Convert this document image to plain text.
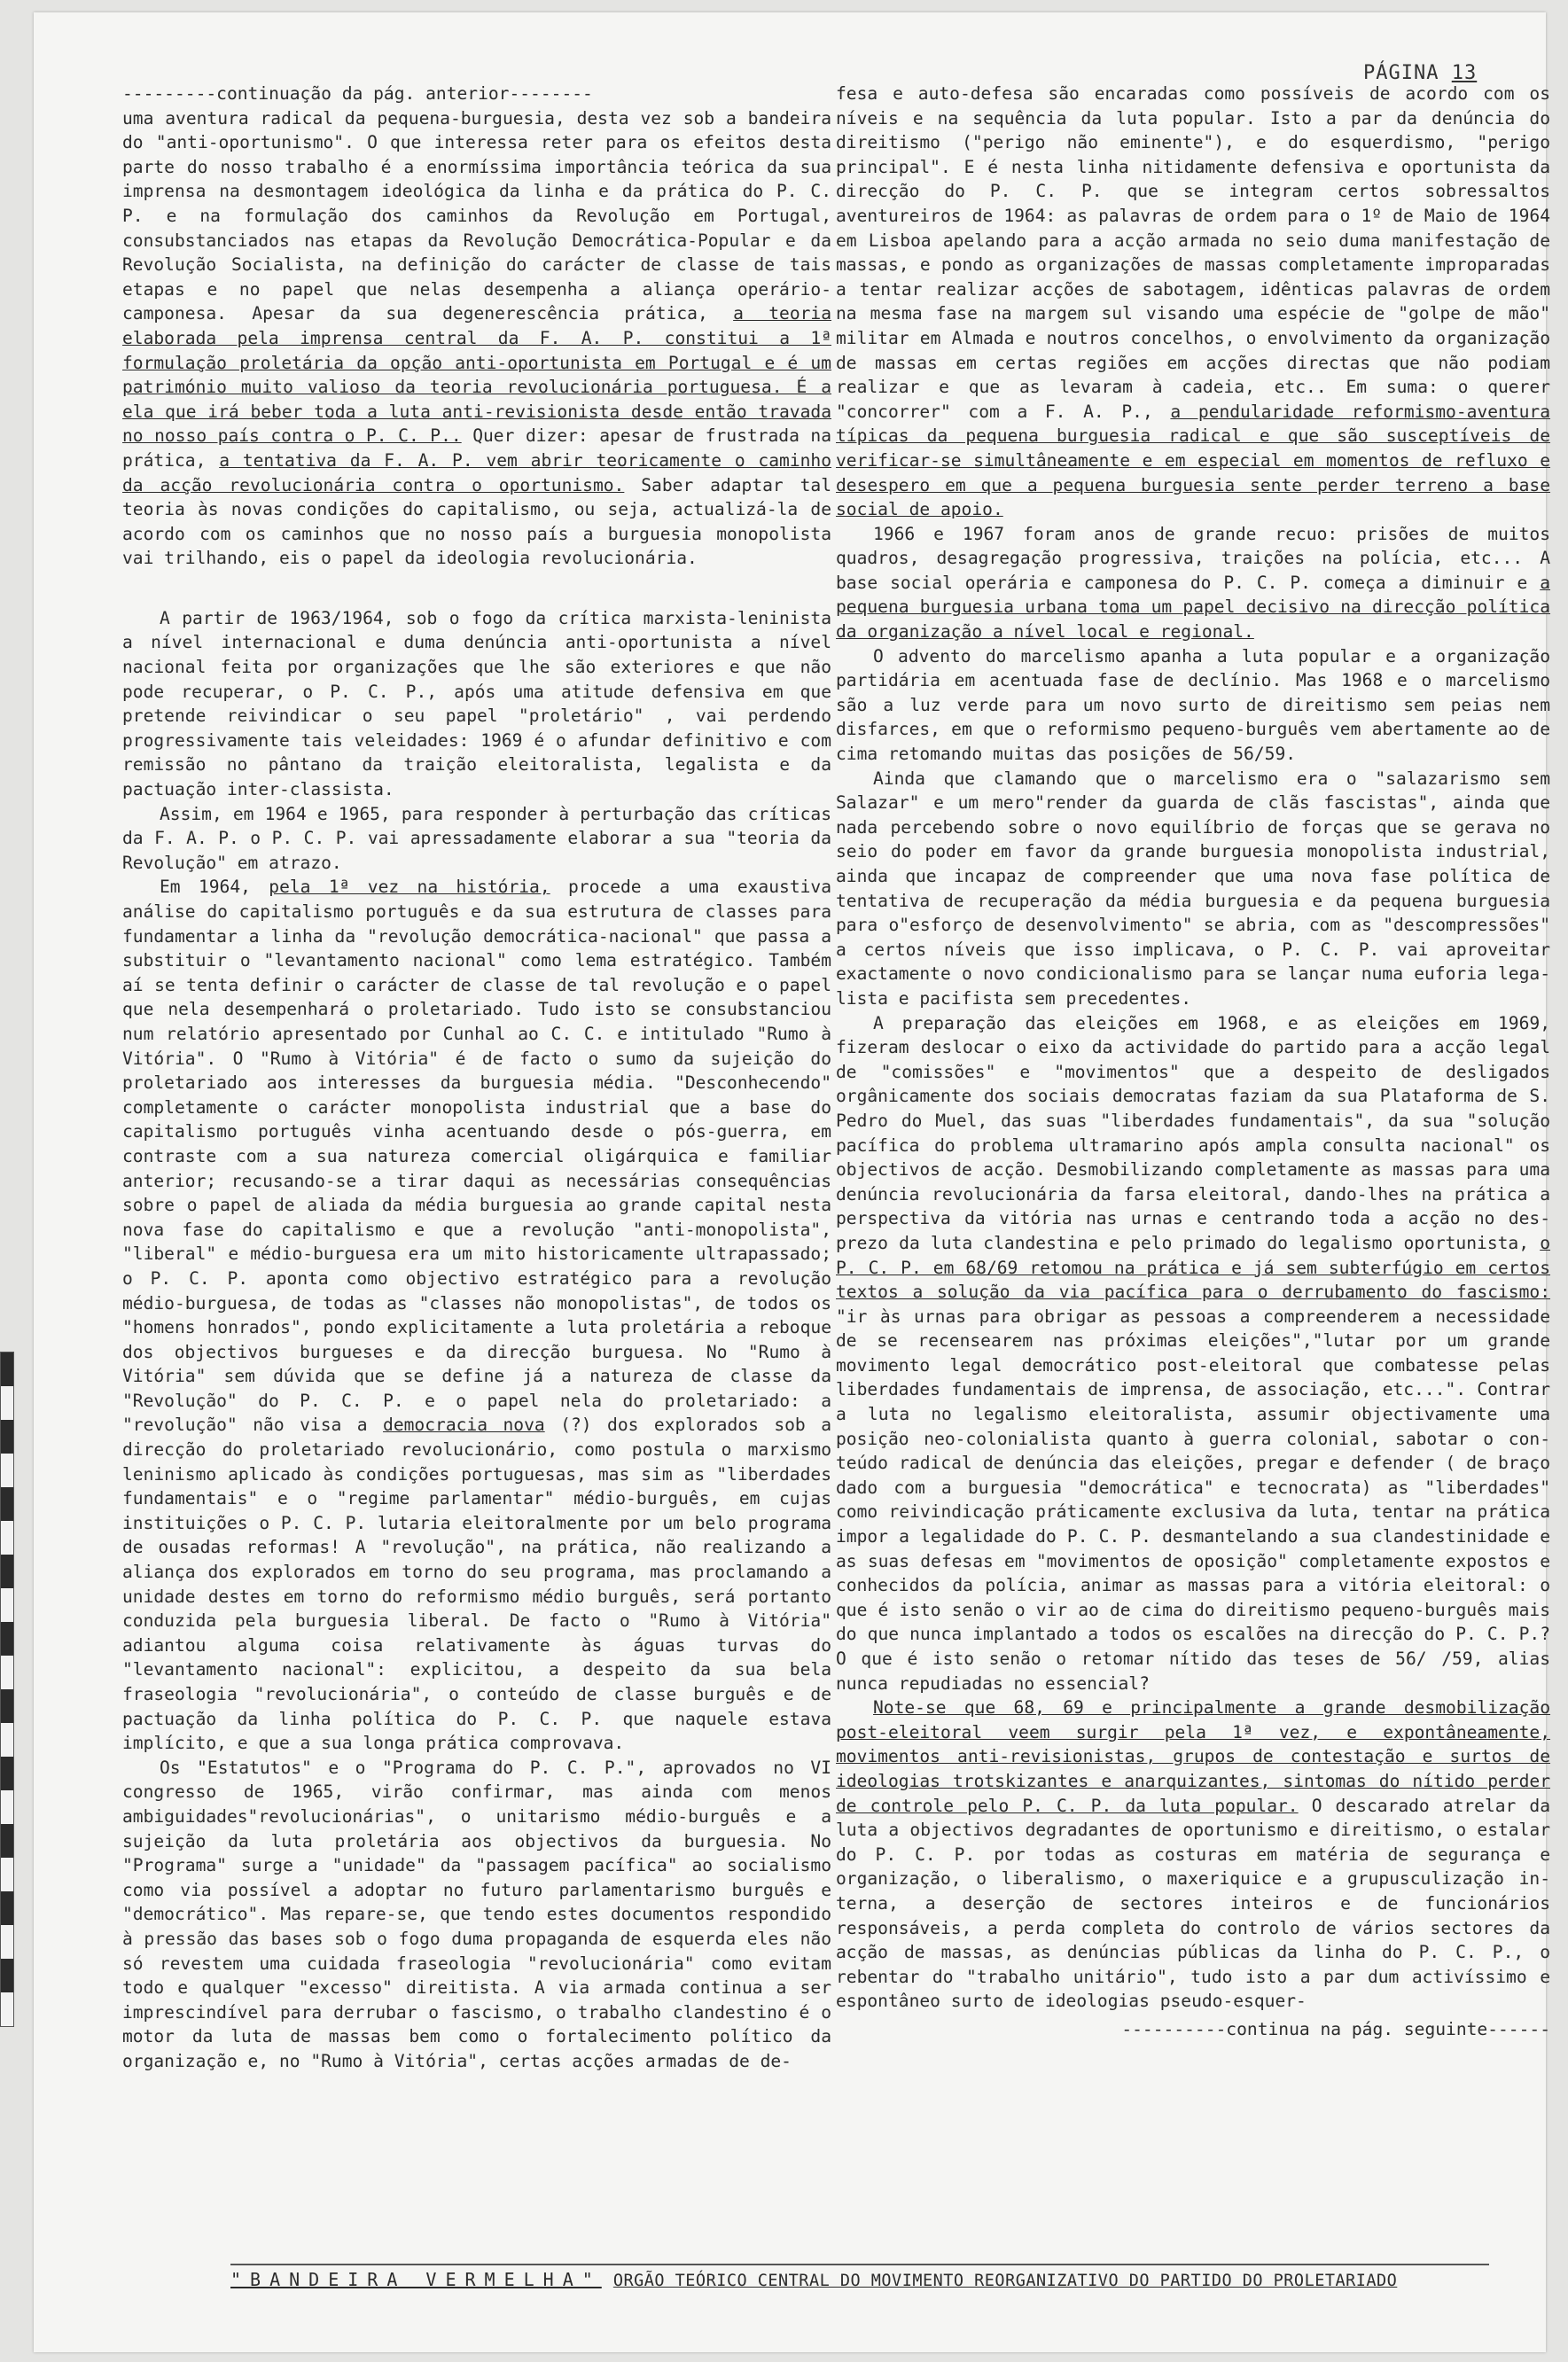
PÁGINA 13

---------continuação da pág. anterior--------

uma aventura radical da pequena-burguesia, desta vez sob a bandeira do "anti-oportunismo". O que interessa reter para os efeitos desta parte do nosso trabalho é a enormíssima importância teórica da sua imprensa na desmontagem ideológica da linha e da prática do P. C. P. e na formulação dos caminhos da Revolução em Portugal, consubstanciados nas etapas da Revolução Democrática-Popular e da Revolução Socialista, na definição do carácter de classe de tais etapas e no papel que nelas desempenha a aliança operário-camponesa. Apesar da sua degenerescência prática, a teoria elaborada pela imprensa central da F. A. P. constitui a 1ª formulação proletária da opção anti-oportunista em Portugal e é um património muito valioso da teoria revolucionária portuguesa. É a ela que irá beber toda a luta anti-revisionista desde então travada no nosso país contra o P. C. P.. Quer dizer: apesar de frustrada na prática, a tentativa da F. A. P. vem abrir teoricamente o caminho da acção revolucionária contra o oportunismo. Saber adaptar tal teoria às novas condições do capitalismo, ou seja, actualizá-la de acordo com os caminhos que no nosso país a burguesia monopolista vai trilhando, eis o papel da ideologia revolucionária.

A partir de 1963/1964, sob o fogo da crítica marxista-leninista a nível internacional e duma denúncia anti-oportunista a nível nacional feita por organizações que lhe são exteriores e que não pode recuperar, o P. C. P., após uma atitude defensiva em que pretende reivindicar o seu papel "proletário" , vai perdendo progressivamente tais veleidades: 1969 é o afundar definitivo e com remissão no pântano da traição eleitoralista, legalista e da pactuação inter-classista.

Assim, em 1964 e 1965, para responder à perturbação das críticas da F. A. P. o P. C. P. vai apressadamente elaborar a sua "teoria da Revolução" em atrazo.

Em 1964, pela 1ª vez na história, procede a uma exaustiva análise do capitalismo português e da sua estrutura de classes para fundamentar a linha da "revolução democrática-nacional" que passa a substituir o "levantamento nacional" como lema estratégico. Também aí se tenta definir o carácter de classe de tal revolução e o papel que nela desempenhará o proletariado. Tudo isto se consubstanciou num relatório apresentado por Cunhal ao C. C. e intitulado "Rumo à Vitória". O "Rumo à Vitória" é de facto o sumo da sujeição do proletariado aos interesses da burguesia média. "Desconhecendo" completamente o carácter monopolista industrial que a base do capitalismo português vinha acentuando desde o pós-guerra, em contraste com a sua natureza comercial oligárquica e familiar anterior; recusando-se a tirar daqui as necessárias consequências sobre o papel de aliada da média burguesia ao grande capital nesta nova fase do capitalismo e que a revolução "anti-monopolista", "liberal" e médio-burguesa era um mito historicamente ultrapassado; o P. C. P. aponta como objectivo estratégico para a revolução médio-burguesa, de todas as "classes não monopolistas", de todos os "homens honrados", pondo explicitamente a luta proletária a reboque dos objectivos burgueses e da direcção burguesa. No "Rumo à Vitória" sem dúvida que se define já a natureza de classe da "Revolução" do P. C. P. e o papel nela do proletariado: a "revolução" não visa a democracia nova (?) dos explorados sob a direcção do proletariado revolucionário, como postula o marxismo leninismo aplicado às condições portuguesas, mas sim as "liberdades fundamentais" e o "regime parlamentar" médio-burguês, em cujas instituições o P. C. P. lutaria eleitoralmente por um belo programa de ousadas reformas! A "revolução", na prática, não realizando a aliança dos explorados em torno do seu programa, mas proclamando a unidade destes em torno do reformismo médio burguês, será portanto conduzida pela burguesia liberal. De facto o "Rumo à Vitória" adiantou alguma coisa relativamente às águas turvas do "levantamento nacional": explicitou, a despeito da sua bela fraseologia "revolucionária", o conteúdo de classe burguês e de pactuação da linha política do P. C. P. que naquele estava implícito, e que a sua longa prática comprovava.

Os "Estatutos" e o "Programa do P. C. P.", aprovados no VI congresso de 1965, virão confirmar, mas ainda com menos ambiguidades"revolucionárias", o unitarismo médio-burguês e a sujeição da luta proletária aos objectivos da burguesia. No "Programa" surge a "unidade" da "passagem pacífica" ao socialismo como via possível a adoptar no futuro parlamentarismo burguês e "democrático". Mas repare-se, que tendo estes documentos respondido à pressão das bases sob o fogo duma propaganda de esquerda eles não só revestem uma cuidada fraseologia "revolucionária" como evitam todo e qualquer "excesso" direitista. A via armada continua a ser imprescindível para derrubar o fascismo, o trabalho clandestino é o motor da luta de massas bem como o fortalecimento político da organização e, no "Rumo à Vitória", certas acções armadas de de-

fesa e auto-defesa são encaradas como possíveis de acordo com os níveis e na sequência da luta popular. Isto a par da denúncia do direitismo ("perigo não eminente"), e do esquerdismo, "perigo principal". E é nesta linha nitidamente defensiva e oportunista da direcção do P. C. P. que se integram certos sobressaltos aventureiros de 1964: as palavras de ordem para o 1º de Maio de 1964 em Lisboa apelando para a acção armada no seio duma manifestação de massas, e pondo as organizações de massas completamente improparadas a tentar realizar acções de sabotagem, idênticas palavras de ordem na mesma fase na margem sul visando uma espécie de "golpe de mão" militar em Almada e noutros concelhos, o envolvimento da organização de massas em certas regiões em acções directas que não podiam realizar e que as levaram à cadeia, etc.. Em suma: o querer "concorrer" com a F. A. P., a pendularidade reformismo-aventura típicas da pequena burguesia radical e que são susceptíveis de verificar-se simultâneamente e em especial em momentos de refluxo e desespero em que a pequena burguesia sente perder terreno a base social de apoio.

1966 e 1967 foram anos de grande recuo: prisões de muitos quadros, desagregação progressiva, traições na polícia, etc... A base social operária e camponesa do P. C. P. começa a diminuir e a pequena burguesia urbana toma um papel decisivo na direcção política da organização a nível local e regional.

O advento do marcelismo apanha a luta popular e a organização partidária em acentuada fase de declínio. Mas 1968 e o marcelismo são a luz verde para um novo surto de direitismo sem peias nem disfarces, em que o reformismo pequeno-burguês vem abertamente ao de cima retomando muitas das posições de 56/59.

Ainda que clamando que o marcelismo era o "salazarismo sem Salazar" e um mero"render da guarda de clãs fascistas", ainda que nada percebendo sobre o novo equilíbrio de forças que se gerava no seio do poder em favor da grande burguesia monopolista industrial, ainda que incapaz de compreender que uma nova fase política de tentativa de recuperação da média burguesia e da pequena burguesia para o"esforço de desenvolvimento" se abria, com as "descompressões" a certos níveis que isso implicava, o P. C. P. vai aproveitar exactamente o novo condicionalismo para se lançar numa euforia legalista e pacifista sem precedentes.

A preparação das eleições em 1968, e as eleições em 1969, fizeram deslocar o eixo da actividade do partido para a acção legal de "comissões" e "movimentos" que a despeito de desligados orgânicamente dos sociais democratas faziam da sua Plataforma de S. Pedro do Muel, das suas "liberdades fundamentais", da sua "solução pacífica do problema ultramarino após ampla consulta nacional" os objectivos de acção. Desmobilizando completamente as massas para uma denúncia revolucionária da farsa eleitoral, dando-lhes na prática a perspectiva da vitória nas urnas e centrando toda a acção no desprezo da luta clandestina e pelo primado do legalismo oportunista, o P. C. P. em 68/69 retomou na prática e já sem subterfúgio em certos textos a solução da via pacífica para o derrubamento do fascismo: "ir às urnas para obrigar as pessoas a compreenderem a necessidade de se recensearem nas próximas eleições","lutar por um grande movimento legal democrático post-eleitoral que combatesse pelas liberdades fundamentais de imprensa, de associação, etc...". Contrar a luta no legalismo eleitoralista, assumir objectivamente uma posição neo-colonialista quanto à guerra colonial, sabotar o conteúdo radical de denúncia das eleições, pregar e defender ( de braço dado com a burguesia "democrática" e tecnocrata) as "liberdades" como reivindicação práticamente exclusiva da luta, tentar na prática impor a legalidade do P. C. P. desmantelando a sua clandestinidade e as suas defesas em "movimentos de oposição" completamente expostos e conhecidos da polícia, animar as massas para a vitória eleitoral: o que é isto senão o vir ao de cima do direitismo pequeno-burguês mais do que nunca implantado a todos os escalões na direcção do P. C. P.? O que é isto senão o retomar nítido das teses de 56/ /59, alias nunca repudiadas no essencial?

Note-se que 68, 69 e principalmente a grande desmobilização post-eleitoral veem surgir pela 1ª vez, e expontâneamente, movimentos anti-revisionistas, grupos de contestação e surtos de ideologias trotskizantes e anarquizantes, sintomas do nítido perder de controle pelo P. C. P. da luta popular. O descarado atrelar da luta a objectivos degradantes de oportunismo e direitismo, o estalar do P. C. P. por todas as costuras em matéria de segurança e organização, o liberalismo, o maxeriquice e a grupusculização interna, a deserção de sectores inteiros e de funcionários responsáveis, a perda completa do controlo de vários sectores da acção de massas, as denúncias públicas da linha do P. C. P., o rebentar do "trabalho unitário", tudo isto a par dum activíssimo e espontâneo surto de ideologias pseudo-esquer-

----------continua na pág. seguinte------

"BANDEIRA VERMELHA" ORGÃO TEÓRICO CENTRAL DO MOVIMENTO REORGANIZATIVO DO PARTIDO DO PROLETARIADO
